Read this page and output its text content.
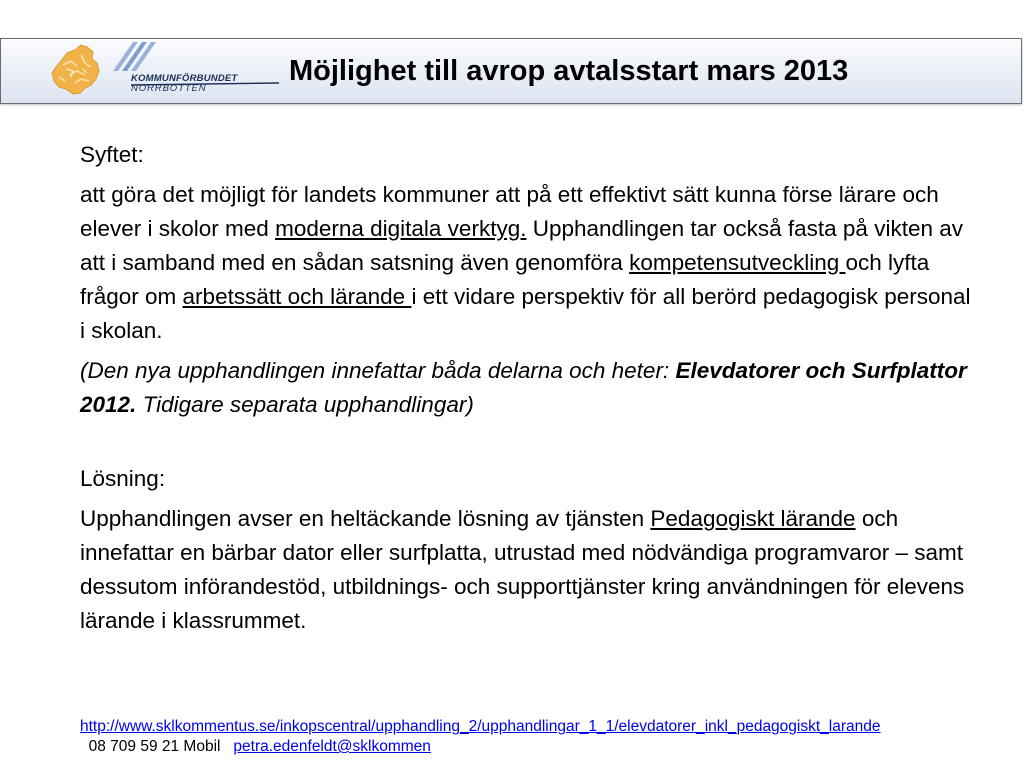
KOMMUNFÖRBUNDET
NORRBOTTEN
Möjlighet till avrop avtalsstart mars 2013

Syftet:

att göra det möjligt för landets kommuner att på ett effektivt sätt kunna förse lärare och elever i skolor med moderna digitala verktyg. Upphandlingen tar också fasta på vikten av att i samband med en sådan satsning även genomföra kompetensutveckling och lyfta frågor om arbetssätt och lärande i ett vidare perspektiv för all berörd pedagogisk personal i skolan.

(Den nya upphandlingen innefattar båda delarna och heter: Elevdatorer och Surfplattor 2012. Tidigare separata upphandlingar)

Lösning:

Upphandlingen avser en heltäckande lösning av tjänsten Pedagogiskt lärande och innefattar en bärbar dator eller surfplatta, utrustad med nödvändiga programvaror – samt dessutom införandestöd, utbildnings- och supporttjänster kring användningen för elevens lärande i klassrummet.

http://www.sklkommentus.se/inkopscentral/upphandling_2/upphandlingar_1_1/elevdatorer_inkl_pedagogiskt_larande  08 709 59 21 Mobil   petra.edenfeldt@sklkommen
